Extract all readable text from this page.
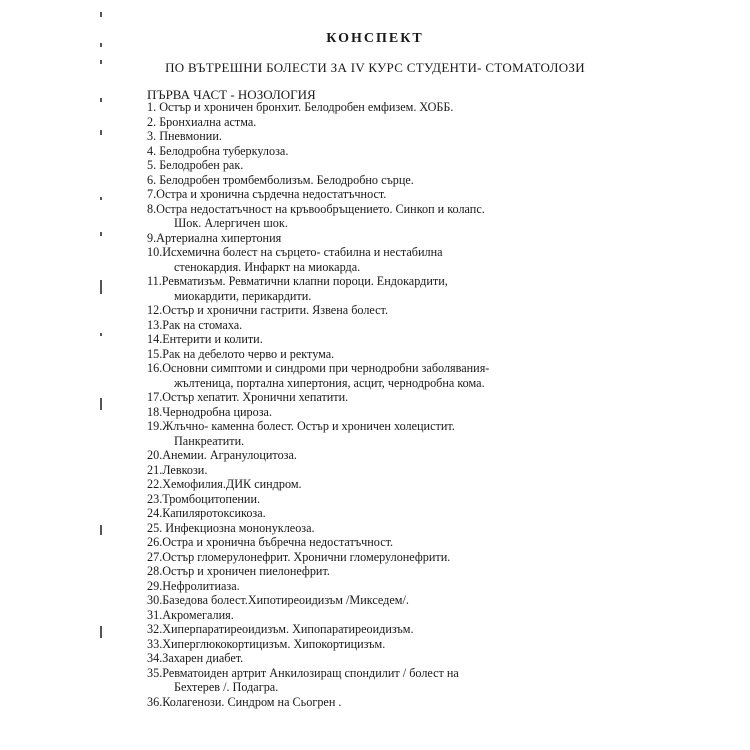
КОНСПЕКТ
ПО ВЪТРЕШНИ БОЛЕСТИ ЗА IV КУРС СТУДЕНТИ- СТОМАТОЛОЗИ
ПЪРВА ЧАСТ - НОЗОЛОГИЯ
1. Остър и хроничен бронхит. Белодробен емфизем. ХОББ.
2. Бронхиална астма.
3. Пневмонии.
4. Белодробна туберкулоза.
5. Белодробен рак.
6. Белодробен тромбемболизъм. Белодробно сърце.
7.Остра и хронична сърдечна недостатъчност.
8.Остра недостатъчност на кръвообръщението. Синкоп и колапс.
Шок. Алергичен шок.
9.Артериална хипертония
10.Исхемична болест на сърцето- стабилна и нестабилна
стенокардия. Инфаркт на миокарда.
11.Ревматизъм. Ревматични клапни пороци. Ендокардити,
миокардити, перикардити.
12.Остър и хронични гастрити. Язвена болест.
13.Рак на стомаха.
14.Ентерити и колити.
15.Рак на дебелото черво и ректума.
16.Основни симптоми и синдроми при чернодробни заболявания-
жълтеница, портална хипертония, асцит, чернодробна кома.
17.Остър хепатит. Хронични хепатити.
18.Чернодробна цироза.
19.Жлъчно- каменна болест. Остър и хроничен холецистит.
Панкреатити.
20.Анемии. Агранулоцитоза.
21.Левкози.
22.Хемофилия.ДИК синдром.
23.Тромбоцитопении.
24.Капиляротоксикоза.
25. Инфекциозна мононуклеоза.
26.Остра и хронична бъбречна недостатъчност.
27.Остър гломерулонефрит. Хронични гломерулонефрити.
28.Остър и хроничен пиелонефрит.
29.Нефролитиаза.
30.Базедова болест.Хипотиреоидизъм /Микседем/.
31.Акромегалия.
32.Хиперпаратиреоидизъм. Хипопаратиреоидизъм.
33.Хиперглюкокортицизъм. Хипокортицизъм.
34.Захарен диабет.
35.Ревматоиден артрит Анкилозиращ спондилит / болест на
Бехтерев /. Подагра.
36.Колагенози. Синдром на Сьогрен .
